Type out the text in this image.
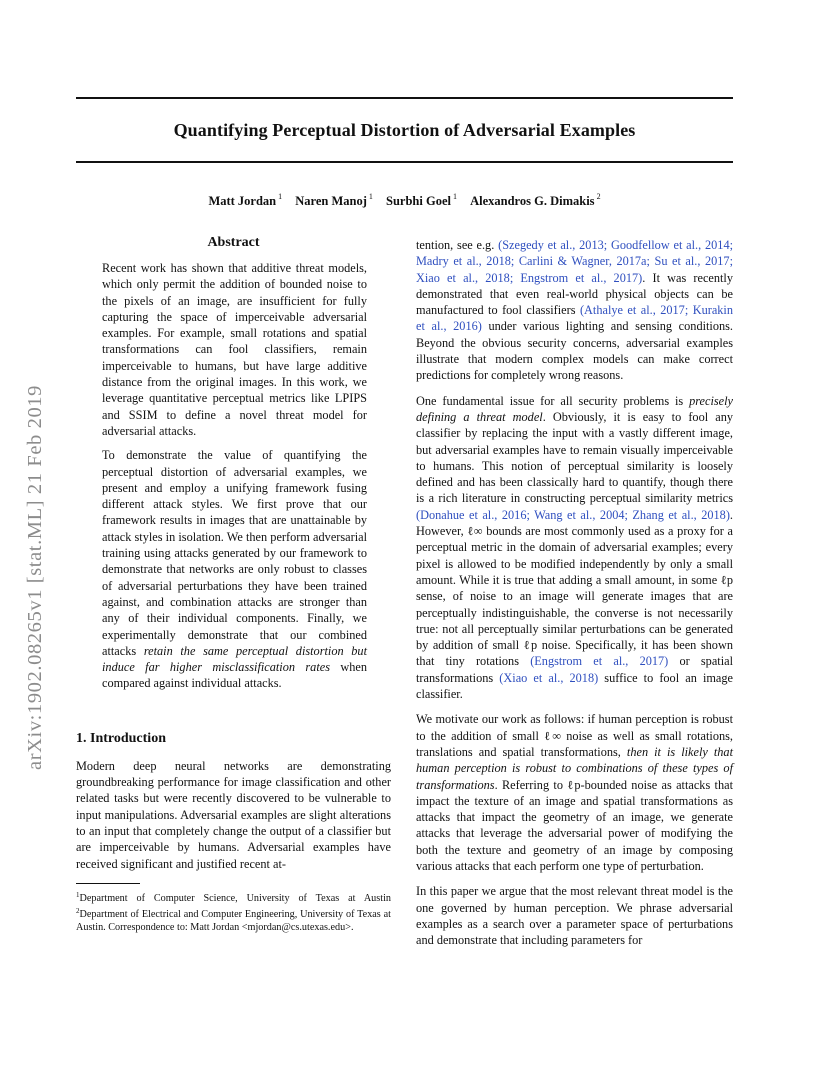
arXiv:1902.08265v1 [stat.ML] 21 Feb 2019
Quantifying Perceptual Distortion of Adversarial Examples
Matt Jordan $^1$ Naren Manoj $^1$ Surbhi Goel $^1$ Alexandros G. Dimakis $^2$
Abstract

Recent work has shown that additive threat models, which only permit the addition of bounded noise to the pixels of an image, are insufficient for fully capturing the space of imperceivable adversarial examples. For example, small rotations and spatial transformations can fool classifiers, remain imperceivable to humans, but have large additive distance from the original images. In this work, we leverage quantitative perceptual metrics like LPIPS and SSIM to define a novel threat model for adversarial attacks.

To demonstrate the value of quantifying the perceptual distortion of adversarial examples, we present and employ a unifying framework fusing different attack styles. We first prove that our framework results in images that are unattainable by attack styles in isolation. We then perform adversarial training using attacks generated by our framework to demonstrate that networks are only robust to classes of adversarial perturbations they have been trained against, and combination attacks are stronger than any of their individual components. Finally, we experimentally demonstrate that our combined attacks retain the same perceptual distortion but induce far higher misclassification rates when compared against individual attacks.

1. Introduction

Modern deep neural networks are demonstrating groundbreaking performance for image classification and other related tasks but were recently discovered to be vulnerable to input manipulations. Adversarial examples are slight alterations to an input that completely change the output of a classifier but are imperceivable by humans. Adversarial examples have received significant and justified recent at-

$^1$Department of Computer Science, University of Texas at Austin $^2$Department of Electrical and Computer Engineering, University of Texas at Austin. Correspondence to: Matt Jordan <mjordan@cs.utexas.edu>.

tention, see e.g. (Szegedy et al., 2013; Goodfellow et al., 2014; Madry et al., 2018; Carlini & Wagner, 2017a; Su et al., 2017; Xiao et al., 2018; Engstrom et al., 2017). It was recently demonstrated that even real-world physical objects can be manufactured to fool classifiers (Athalye et al., 2017; Kurakin et al., 2016) under various lighting and sensing conditions. Beyond the obvious security concerns, adversarial examples illustrate that modern complex models can make correct predictions for completely wrong reasons.

One fundamental issue for all security problems is precisely defining a threat model. Obviously, it is easy to fool any classifier by replacing the input with a vastly different image, but adversarial examples have to remain visually imperceivable to humans. This notion of perceptual similarity is loosely defined and has been classically hard to quantify, though there is a rich literature in constructing perceptual similarity metrics (Donahue et al., 2016; Wang et al., 2004; Zhang et al., 2018). However, ℓ∞ bounds are most commonly used as a proxy for a perceptual metric in the domain of adversarial examples; every pixel is allowed to be modified independently by only a small amount. While it is true that adding a small amount, in some ℓp sense, of noise to an image will generate images that are perceptually indistinguishable, the converse is not necessarily true: not all perceptually similar perturbations can be generated by addition of small ℓp noise. Specifically, it has been shown that tiny rotations (Engstrom et al., 2017) or spatial transformations (Xiao et al., 2018) suffice to fool an image classifier.

We motivate our work as follows: if human perception is robust to the addition of small ℓ∞ noise as well as small rotations, translations and spatial transformations, then it is likely that human perception is robust to combinations of these types of transformations. Referring to ℓp-bounded noise as attacks that impact the texture of an image and spatial transformations as attacks that impact the geometry of an image, we generate attacks that leverage the adversarial power of modifying the both the texture and geometry of an image by composing various attacks that each perform one type of perturbation.

In this paper we argue that the most relevant threat model is the one governed by human perception. We phrase adversarial examples as a search over a parameter space of perturbations and demonstrate that including parameters for
